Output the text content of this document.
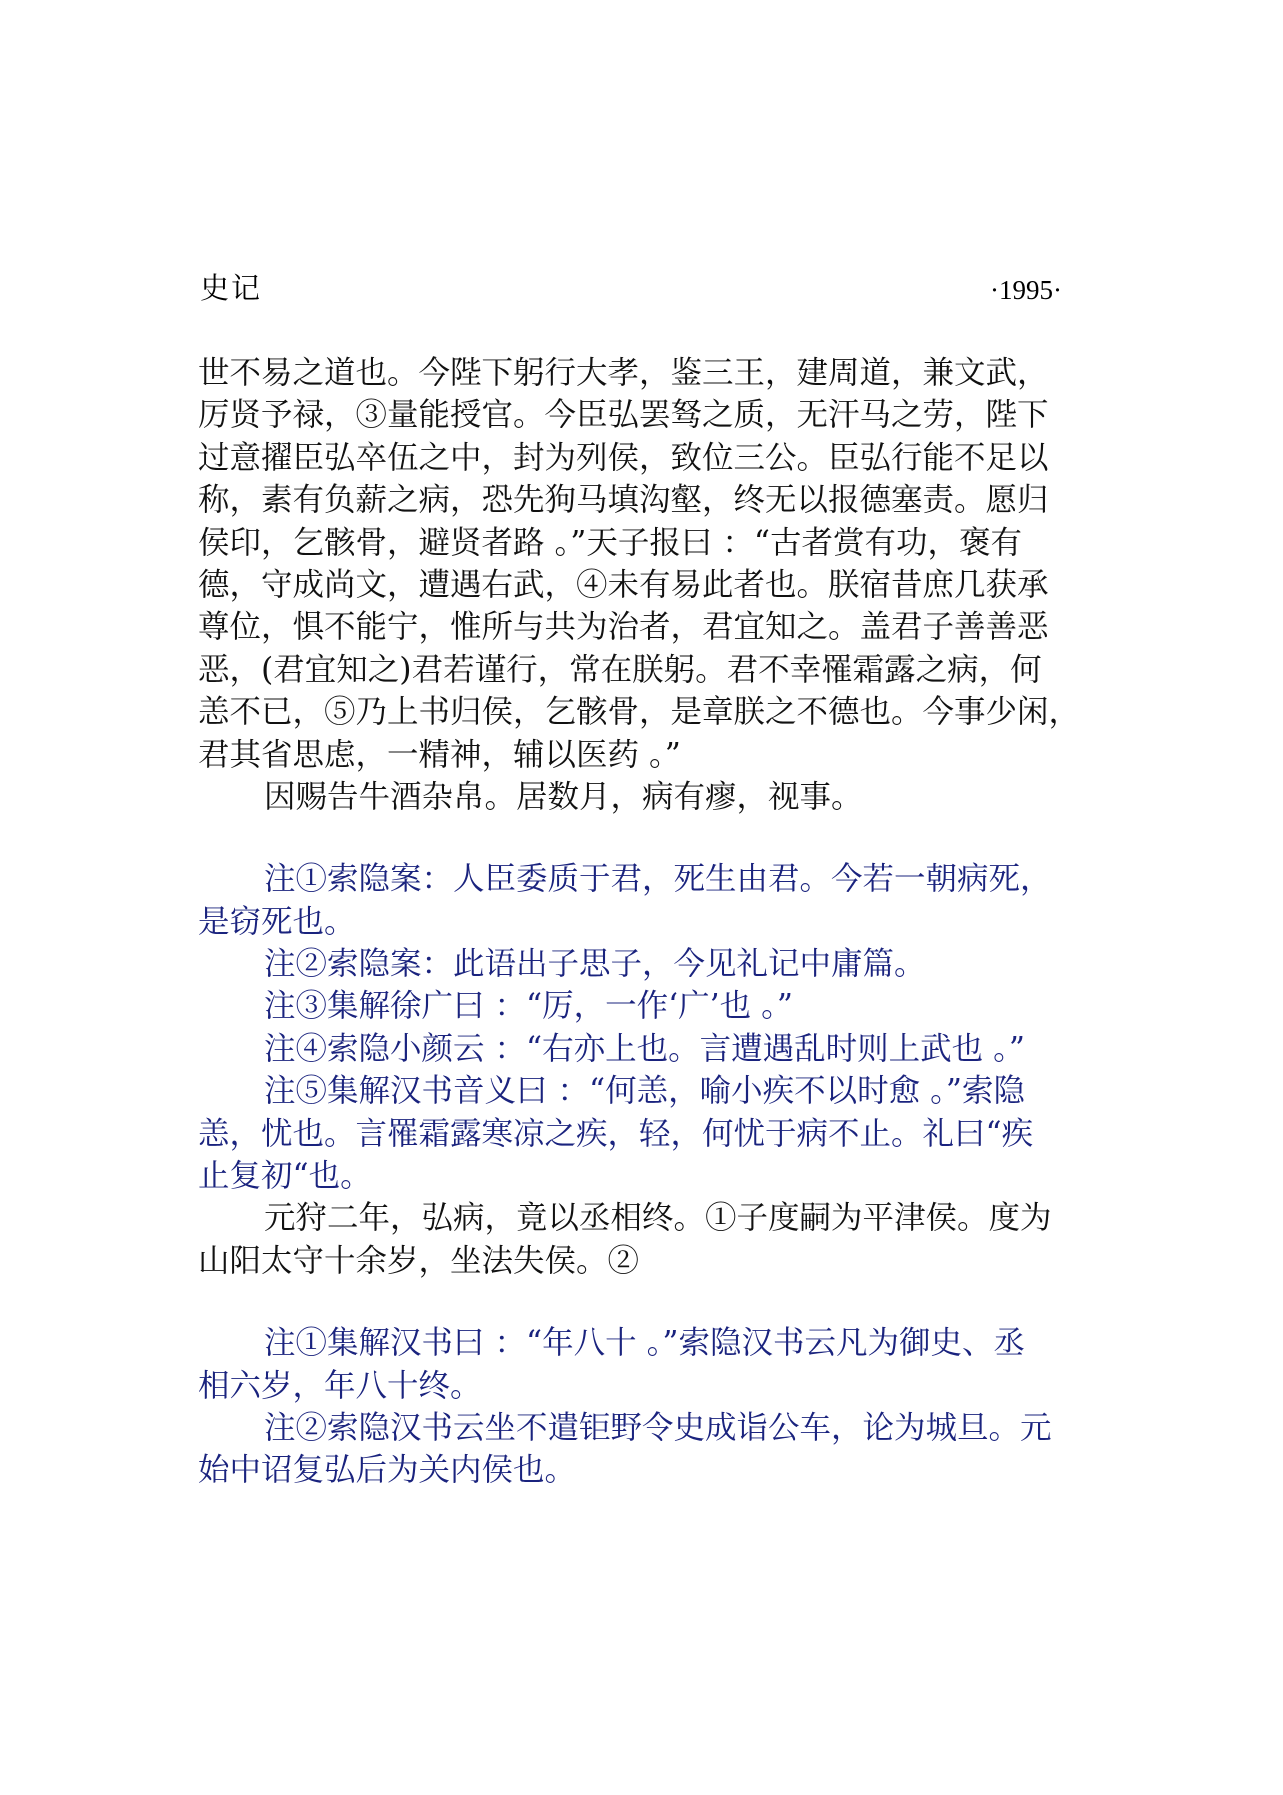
史记	·1995·
世不易之道也。今陛下躬行大孝，鉴三王，建周道，兼文武，
厉贤予禄，③量能授官。今臣弘罢驽之质，无汗马之劳，陛下
过意擢臣弘卒伍之中，封为列侯，致位三公。臣弘行能不足以
称，素有负薪之病，恐先狗马填沟壑，终无以报德塞责。愿归
侯印，乞骸骨，避贤者路 。”天子报曰 ：“古者赏有功，褒有
德，守成尚文，遭遇右武，④未有易此者也。朕宿昔庶几获承
尊位，惧不能宁，惟所与共为治者，君宜知之。盖君子善善恶
恶，(君宜知之)君若谨行，常在朕躬。君不幸罹霜露之病，何
恙不已，⑤乃上书归侯，乞骸骨，是章朕之不德也。今事少闲，
君其省思虑，一精神，辅以医药 。”
因赐告牛酒杂帛。居数月，病有瘳，视事。
注①索隐案：人臣委质于君，死生由君。今若一朝病死，
是窃死也。
注②索隐案：此语出子思子，今见礼记中庸篇。
注③集解徐广曰 ：“厉，一作‘广’也 。”
注④索隐小颜云 ：“右亦上也。言遭遇乱时则上武也 。”
注⑤集解汉书音义曰 ：“何恙，喻小疾不以时愈 。”索隐
恙，忧也。言罹霜露寒凉之疾，轻，何忧于病不止。礼曰“疾
止复初“也。
元狩二年，弘病，竟以丞相终。①子度嗣为平津侯。度为
山阳太守十余岁，坐法失侯。②
注①集解汉书曰 ：“年八十 。”索隐汉书云凡为御史、丞
相六岁，年八十终。
注②索隐汉书云坐不遣钜野令史成诣公车，论为城旦。元
始中诏复弘后为关内侯也。
